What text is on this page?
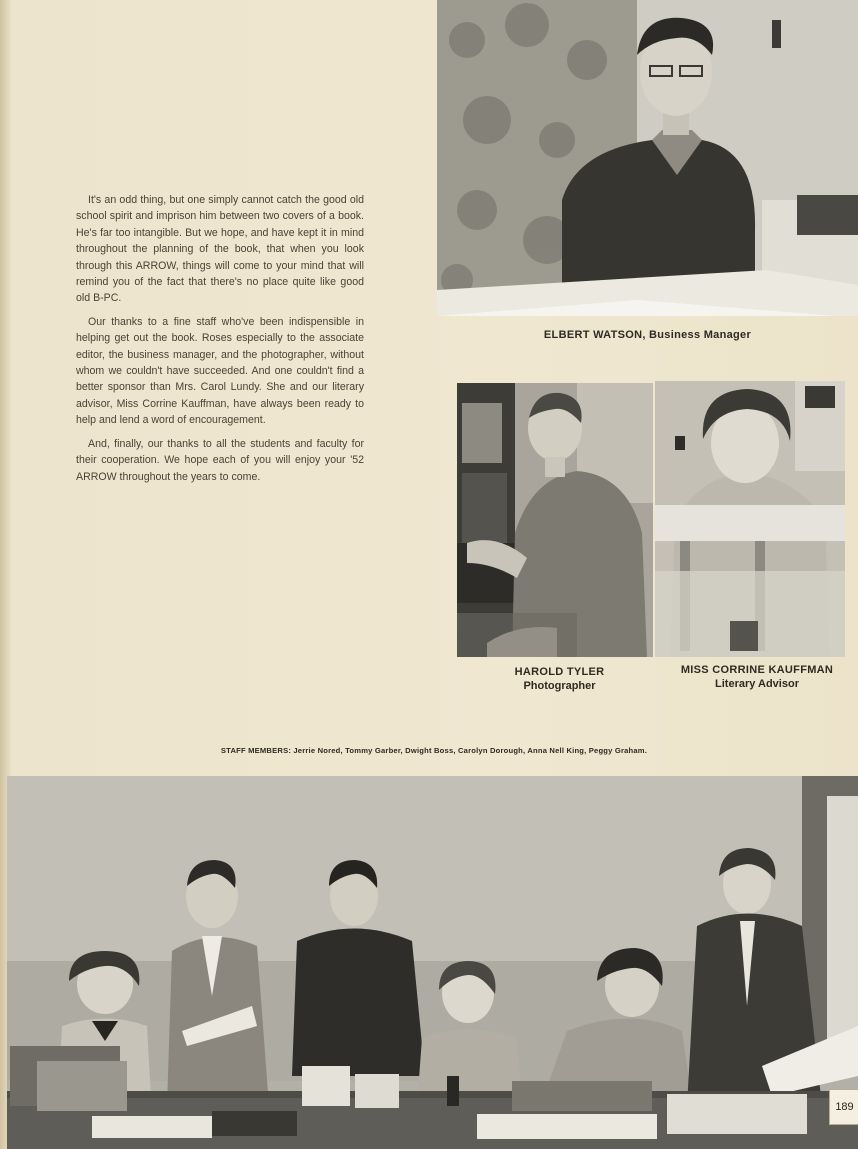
It's an odd thing, but one simply cannot catch the good old school spirit and imprison him between two covers of a book. He's far too intangible. But we hope, and have kept it in mind throughout the planning of the book, that when you look through this ARROW, things will come to your mind that will remind you of the fact that there's no place quite like good old B-PC.

Our thanks to a fine staff who've been indispensible in helping get out the book. Roses especially to the associate editor, the business manager, and the photographer, without whom we couldn't have succeeded. And one couldn't find a better sponsor than Mrs. Carol Lundy. She and our literary advisor, Miss Corrine Kauffman, have always been ready to help and lend a word of encouragement.

And, finally, our thanks to all the students and faculty for their cooperation. We hope each of you will enjoy your '52 ARROW throughout the years to come.

ELBERT WATSON, Business Manager
HAROLD TYLER
Photographer
MISS CORRINE KAUFFMAN
Literary Advisor
STAFF MEMBERS: Jerrie Nored, Tommy Garber, Dwight Boss, Carolyn Dorough, Anna Nell King, Peggy Graham.
189
